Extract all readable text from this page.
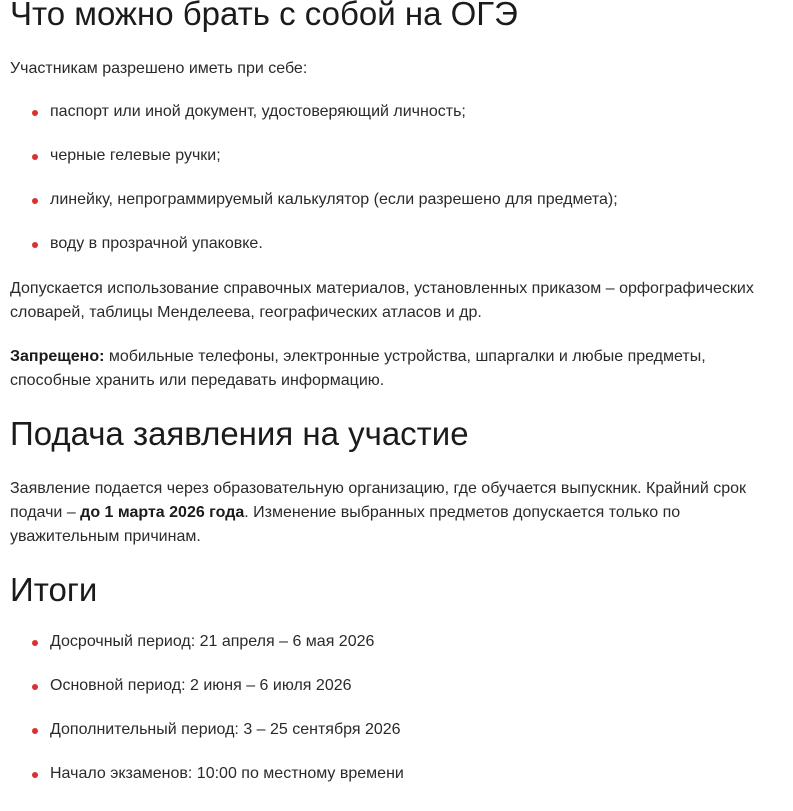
Что можно брать с собой на ОГЭ

Участникам разрешено иметь при себе:

паспорт или иной документ, удостоверяющий личность;
черные гелевые ручки;
линейку, непрограммируемый калькулятор (если разрешено для предмета);
воду в прозрачной упаковке.

Допускается использование справочных материалов, установленных приказом – орфографических словарей, таблицы Менделеева, географических атласов и др.

Запрещено: мобильные телефоны, электронные устройства, шпаргалки и любые предметы, способные хранить или передавать информацию.

Подача заявления на участие

Заявление подается через образовательную организацию, где обучается выпускник. Крайний срок подачи – до 1 марта 2026 года. Изменение выбранных предметов допускается только по уважительным причинам.

Итоги
Досрочный период: 21 апреля – 6 мая 2026
Основной период: 2 июня – 6 июля 2026
Дополнительный период: 3 – 25 сентября 2026
Начало экзаменов: 10:00 по местному времени
